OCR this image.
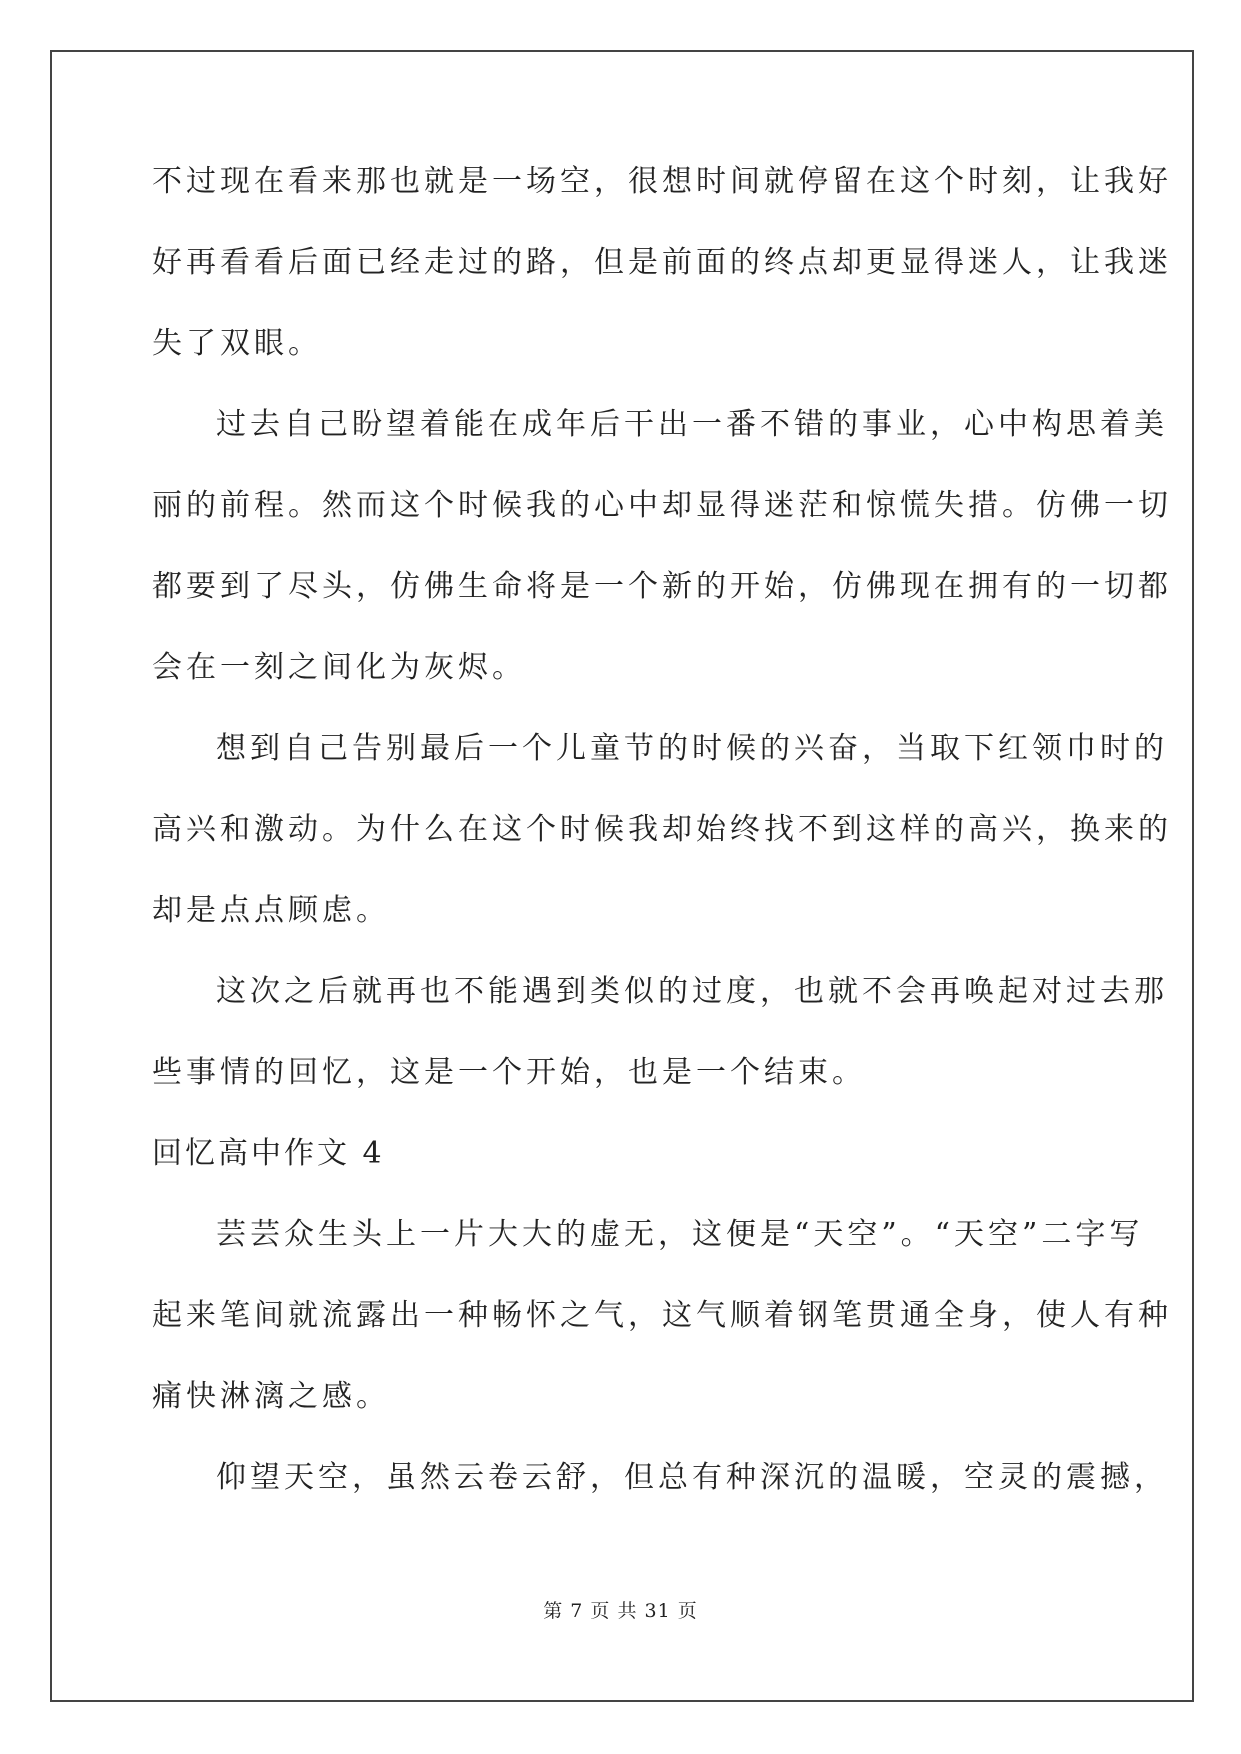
不过现在看来那也就是一场空，很想时间就停留在这个时刻，让我好
好再看看后面已经走过的路，但是前面的终点却更显得迷人，让我迷
失了双眼。
过去自己盼望着能在成年后干出一番不错的事业，心中构思着美
丽的前程。然而这个时候我的心中却显得迷茫和惊慌失措。仿佛一切
都要到了尽头，仿佛生命将是一个新的开始，仿佛现在拥有的一切都
会在一刻之间化为灰烬。
想到自己告别最后一个儿童节的时候的兴奋，当取下红领巾时的
高兴和激动。为什么在这个时候我却始终找不到这样的高兴，换来的
却是点点顾虑。
这次之后就再也不能遇到类似的过度，也就不会再唤起对过去那
些事情的回忆，这是一个开始，也是一个结束。
回忆高中作文 4
芸芸众生头上一片大大的虚无，这便是“天空”。“天空”二字写
起来笔间就流露出一种畅怀之气，这气顺着钢笔贯通全身，使人有种
痛快淋漓之感。
仰望天空，虽然云卷云舒，但总有种深沉的温暖，空灵的震撼，
第 7 页 共 31 页
